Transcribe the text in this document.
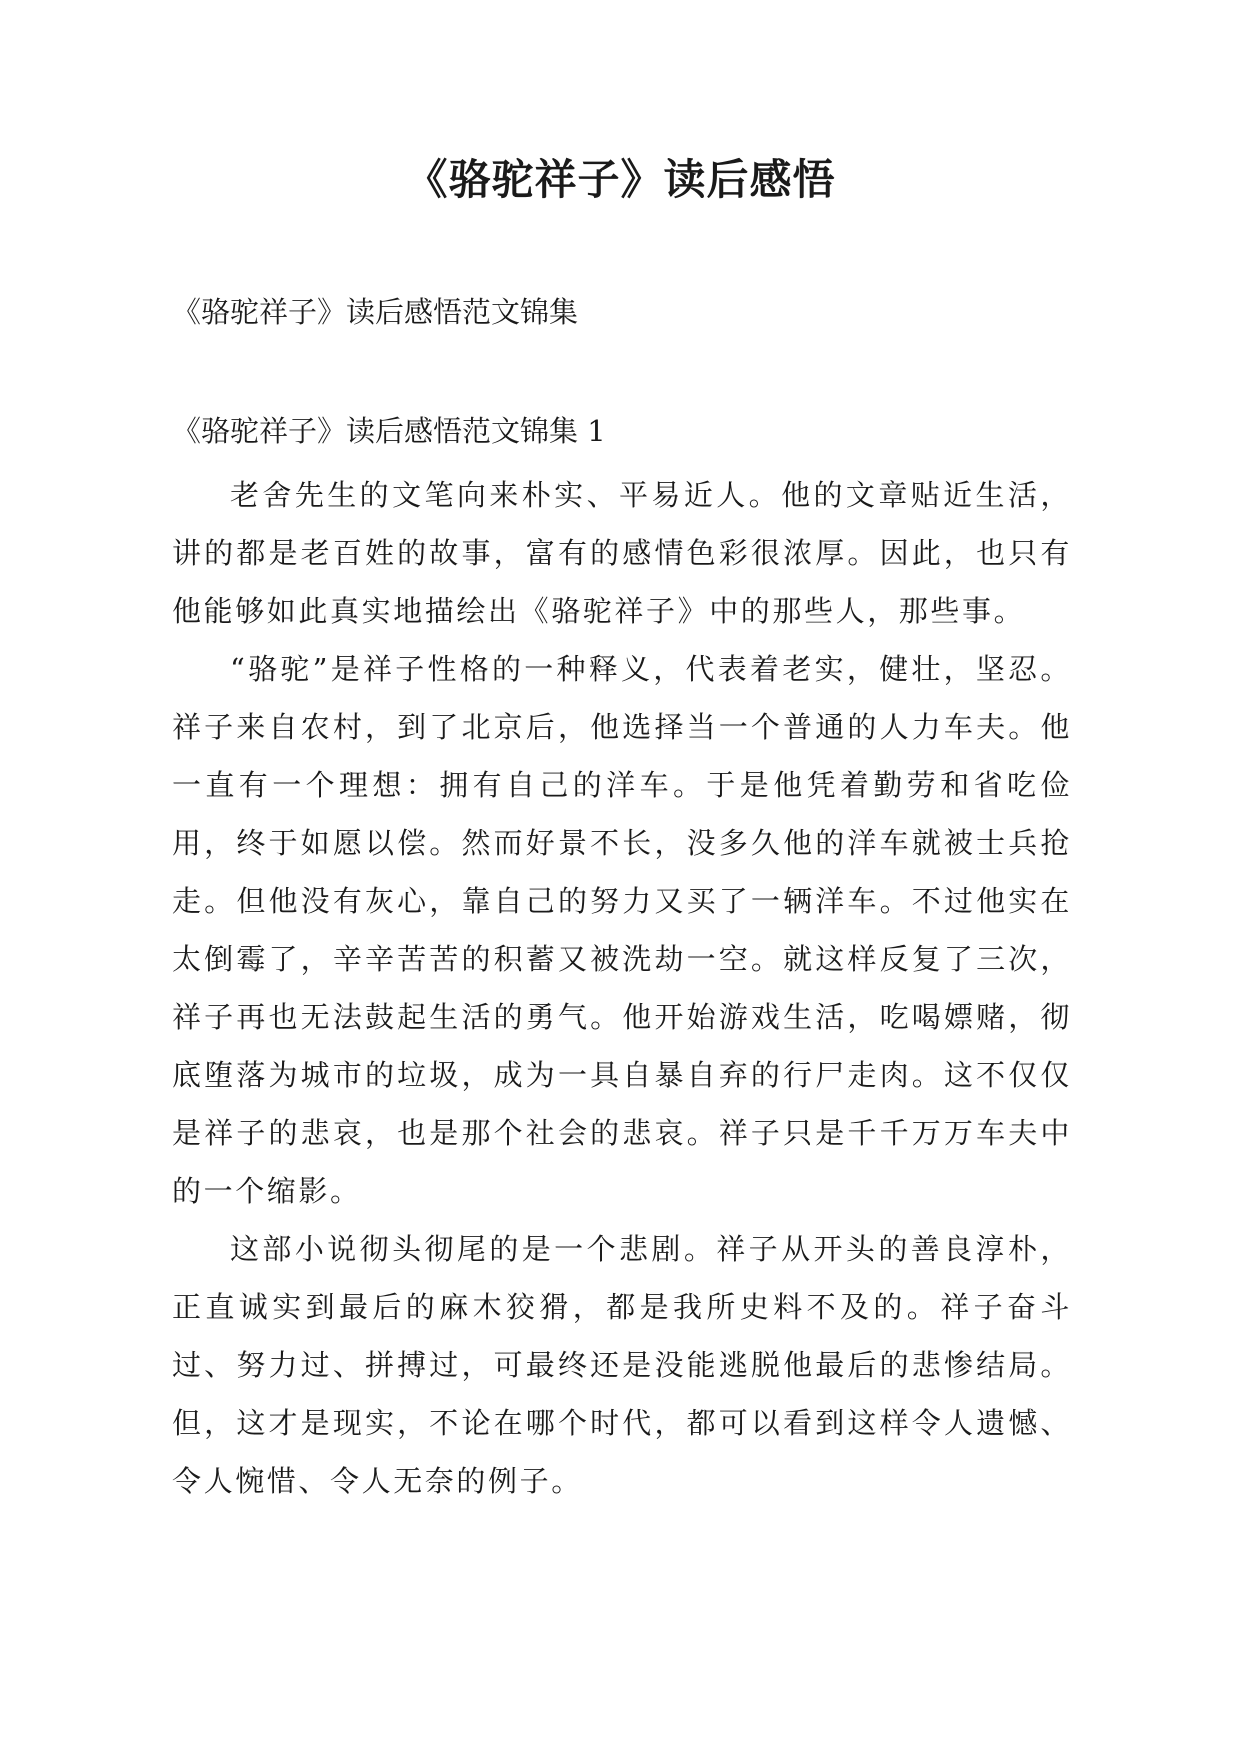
《骆驼祥子》读后感悟

《骆驼祥子》读后感悟范文锦集

《骆驼祥子》读后感悟范文锦集 1

老舍先生的文笔向来朴实、平易近人。他的文章贴近生活，讲的都是老百姓的故事，富有的感情色彩很浓厚。因此，也只有他能够如此真实地描绘出《骆驼祥子》中的那些人，那些事。

“骆驼”是祥子性格的一种释义，代表着老实，健壮，坚忍。祥子来自农村，到了北京后，他选择当一个普通的人力车夫。他一直有一个理想：拥有自己的洋车。于是他凭着勤劳和省吃俭用，终于如愿以偿。然而好景不长，没多久他的洋车就被士兵抢走。但他没有灰心，靠自己的努力又买了一辆洋车。不过他实在太倒霉了，辛辛苦苦的积蓄又被洗劫一空。就这样反复了三次，祥子再也无法鼓起生活的勇气。他开始游戏生活，吃喝嫖赌，彻底堕落为城市的垃圾，成为一具自暴自弃的行尸走肉。这不仅仅是祥子的悲哀，也是那个社会的悲哀。祥子只是千千万万车夫中的一个缩影。

这部小说彻头彻尾的是一个悲剧。祥子从开头的善良淳朴，正直诚实到最后的麻木狡猾，都是我所史料不及的。祥子奋斗过、努力过、拼搏过，可最终还是没能逃脱他最后的悲惨结局。但，这才是现实，不论在哪个时代，都可以看到这样令人遗憾、令人惋惜、令人无奈的例子。
